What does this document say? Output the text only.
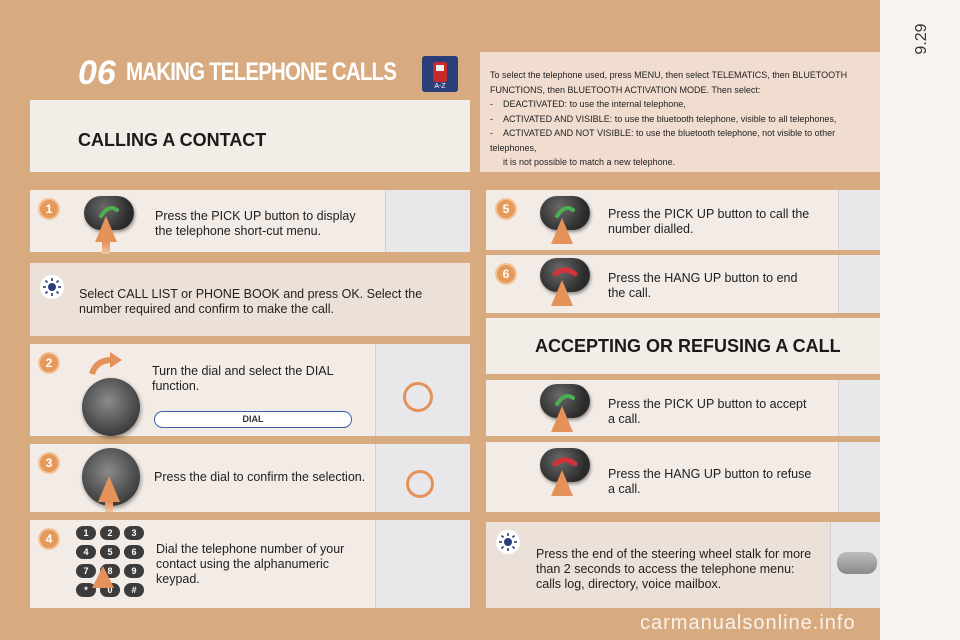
9.29
06 MAKING TELEPHONE CALLS
A-Z
CALLING A CONTACT
To select the telephone used, press MENU, then select TELEMATICS, then BLUETOOTH
FUNCTIONS, then BLUETOOTH ACTIVATION MODE. Then select:
-    DEACTIVATED: to use the internal telephone,
-    ACTIVATED AND VISIBLE: to use the bluetooth telephone, visible to all telephones,
-    ACTIVATED AND NOT VISIBLE: to use the bluetooth telephone, not visible to other telephones,
it is not possible to match a new telephone.
1	Press the PICK UP button to display
the telephone short-cut menu.
Select CALL LIST or PHONE BOOK and press OK. Select the
number required and confirm to make the call.
2
Turn the dial and select the DIAL
function.
DIAL
3
Press the dial to confirm the selection.
4	1	2	3
4	5	6
7	8	9
*	0	#
Dial the telephone number of your
contact using the alphanumeric
keypad.
5	Press the PICK UP button to call the
number dialled.
6	Press the HANG UP button to end
the call.
ACCEPTING OR REFUSING A CALL
Press the PICK UP button to accept
a call.
Press the HANG UP button to refuse
a call.
Press the end of the steering wheel stalk for more
than 2 seconds to access the telephone menu:
calls log, directory, voice mailbox.
carmanualsonline.info
